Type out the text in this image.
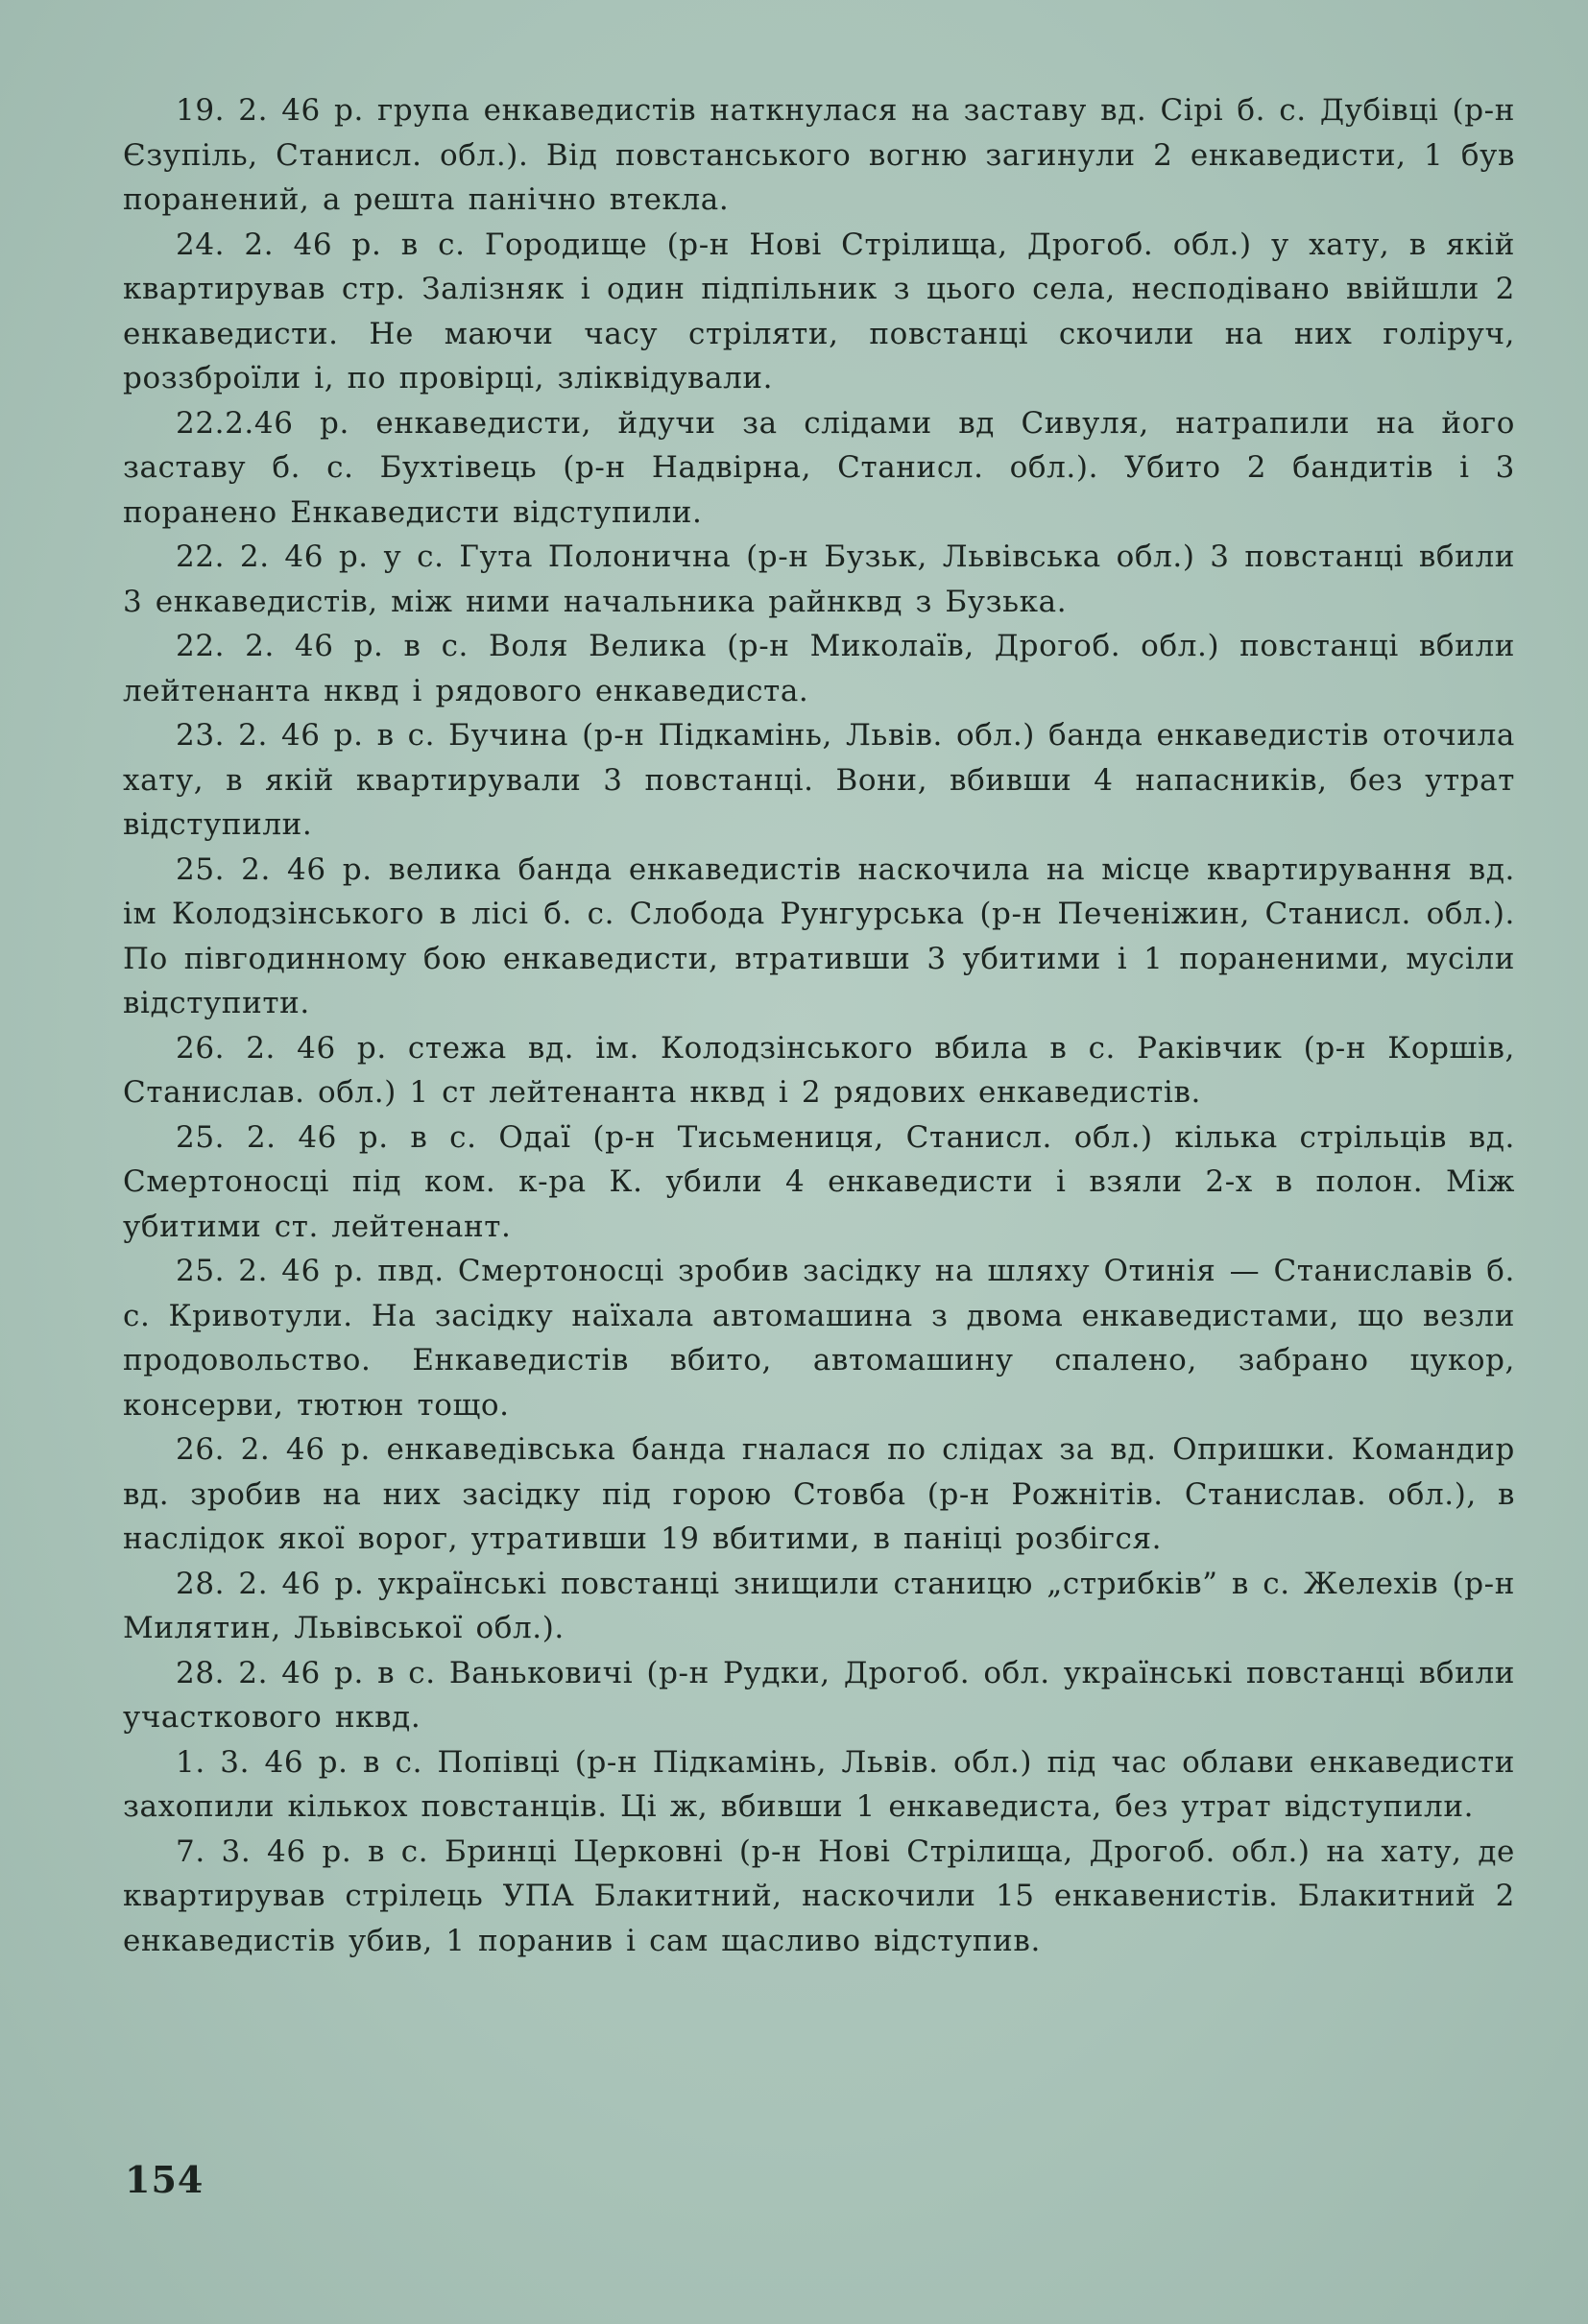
19. 2. 46 р. група енкаведистів наткнулася на заставу вд. Сірі б. с. Дубівці (р-н Єзупіль, Станисл. обл.). Від повстанського вогню загинули 2 енкаведисти, 1 був поранений, а решта панічно втекла.

24. 2. 46 р. в с. Городище (р-н Нові Стрілища, Дрогоб. обл.) у хату, в якій квартирував стр. Залізняк і один підпільник з цього села, несподівано ввійшли 2 енкаведисти. Не маючи часу стріляти, повстанці скочили на них голіруч, роззброїли і, по провірці, зліквідували.

22.2.46 р. енкаведисти, йдучи за слідами вд Сивуля, натрапили на його заставу б. с. Бухтівець (р-н Надвірна, Станисл. обл.). Убито 2 бандитів і 3 поранено Енкаведисти відступили.

22. 2. 46 р. у с. Гута Полонична (р-н Бузьк, Львівська обл.) 3 повстанці вбили 3 енкаведистів, між ними начальника райнквд з Бузька.

22. 2. 46 р. в с. Воля Велика (р-н Миколаїв, Дрогоб. обл.) повстанці вбили лейтенанта нквд і рядового енкаведиста.

23. 2. 46 р. в с. Бучина (р-н Підкамінь, Львів. обл.) банда енкаведистів оточила хату, в якій квартирували 3 повстанці. Вони, вбивши 4 напасників, без утрат відступили.

25. 2. 46 р. велика банда енкаведистів наскочила на місце квартирування вд. ім Колодзінського в лісі б. с. Слобода Рунгурська (р-н Печеніжин, Станисл. обл.). По півгодинному бою енкаведисти, втративши 3 убитими і 1 пораненими, мусіли відступити.

26. 2. 46 р. стежа вд. ім. Колодзінського вбила в с. Раківчик (р-н Коршів, Станислав. обл.) 1 ст лейтенанта нквд і 2 рядових енкаведистів.

25. 2. 46 р. в с. Одаї (р-н Тисьмениця, Станисл. обл.) кілька стрільців вд. Смертоносці під ком. к-ра К. убили 4 енкаведисти і взяли 2-х в полон. Між убитими ст. лейтенант.

25. 2. 46 р. пвд. Смертоносці зробив засідку на шляху Отинія — Станиславів б. с. Кривотули. На засідку наїхала автомашина з двома енкаведистами, що везли продовольство. Енкаведистів вбито, автомашину спалено, забрано цукор, консерви, тютюн тощо.

26. 2. 46 р. енкаведівська банда гналася по слідах за вд. Опришки. Командир вд. зробив на них засідку під горою Стовба (р-н Рожнітів. Станислав. обл.), в наслідок якої ворог, утративши 19 вбитими, в паніці розбігся.

28. 2. 46 р. українські повстанці знищили станицю „стрибків” в с. Желехів (р-н Милятин, Львівської обл.).

28. 2. 46 р. в с. Ваньковичі (р-н Рудки, Дрогоб. обл. українські повстанці вбили участкового нквд.

1. 3. 46 р. в с. Попівці (р-н Підкамінь, Львів. обл.) під час облави енкаведисти захопили кількох повстанців. Ці ж, вбивши 1 енкаведиста, без утрат відступили.

7. 3. 46 р. в с. Бринці Церковні (р-н Нові Стрілища, Дрогоб. обл.) на хату, де квартирував стрілець УПА Блакитний, наскочили 15 енкавенистів. Блакитний 2 енкаведистів убив, 1 поранив і сам щасливо відступив.

154
